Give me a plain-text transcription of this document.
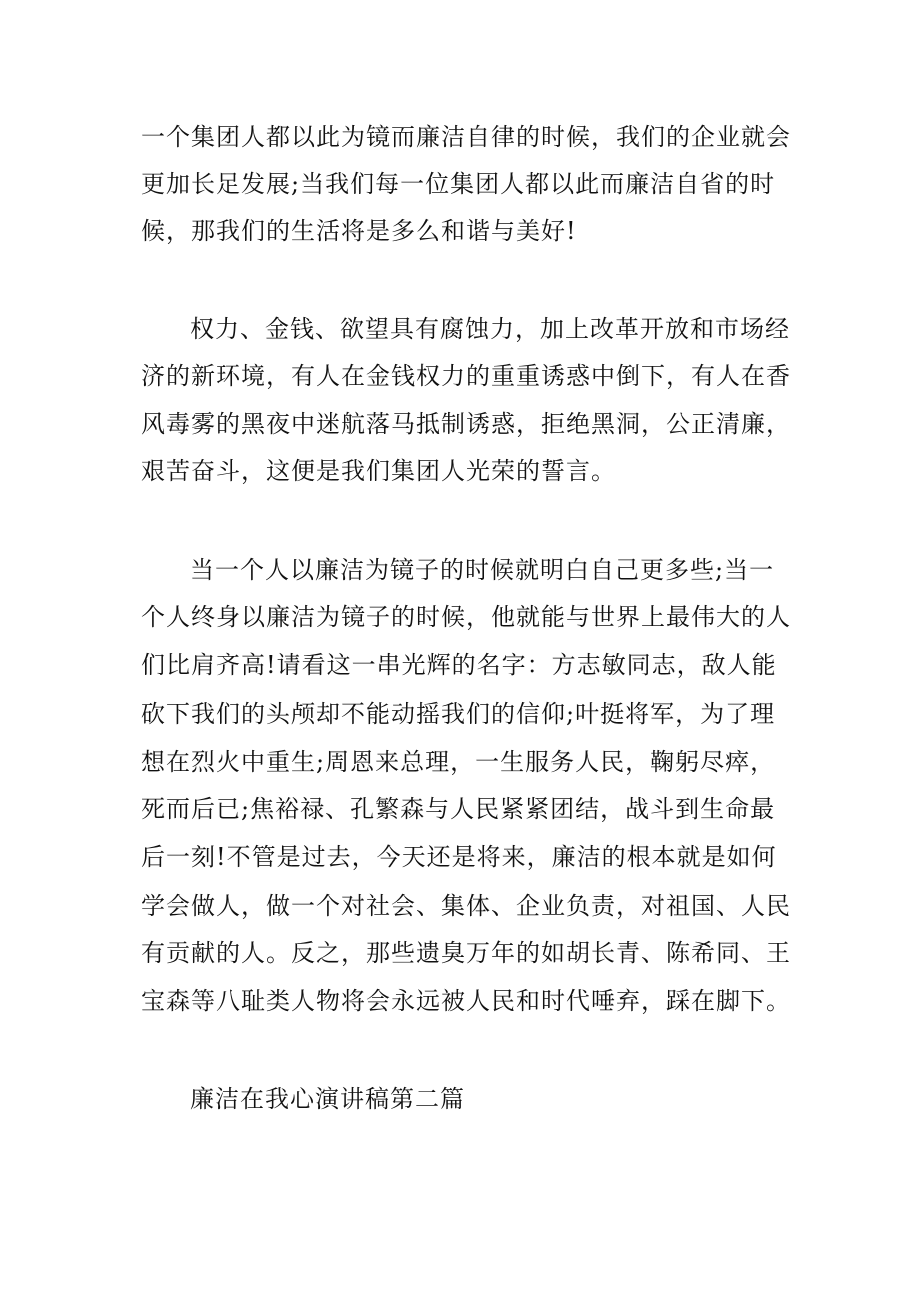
一个集团人都以此为镜而廉洁自律的时候，我们的企业就会
更加长足发展;当我们每一位集团人都以此而廉洁自省的时
候，那我们的生活将是多么和谐与美好!
权力、金钱、欲望具有腐蚀力，加上改革开放和市场经
济的新环境，有人在金钱权力的重重诱惑中倒下，有人在香
风毒雾的黑夜中迷航落马抵制诱惑，拒绝黑洞，公正清廉，
艰苦奋斗，这便是我们集团人光荣的誓言。
当一个人以廉洁为镜子的时候就明白自己更多些;当一
个人终身以廉洁为镜子的时候，他就能与世界上最伟大的人
们比肩齐高!请看这一串光辉的名字：方志敏同志，敌人能
砍下我们的头颅却不能动摇我们的信仰;叶挺将军，为了理
想在烈火中重生;周恩来总理，一生服务人民，鞠躬尽瘁，
死而后已;焦裕禄、孔繁森与人民紧紧团结，战斗到生命最
后一刻!不管是过去，今天还是将来，廉洁的根本就是如何
学会做人，做一个对社会、集体、企业负责，对祖国、人民
有贡献的人。反之，那些遗臭万年的如胡长青、陈希同、王
宝森等八耻类人物将会永远被人民和时代唾弃，踩在脚下。
廉洁在我心演讲稿第二篇
